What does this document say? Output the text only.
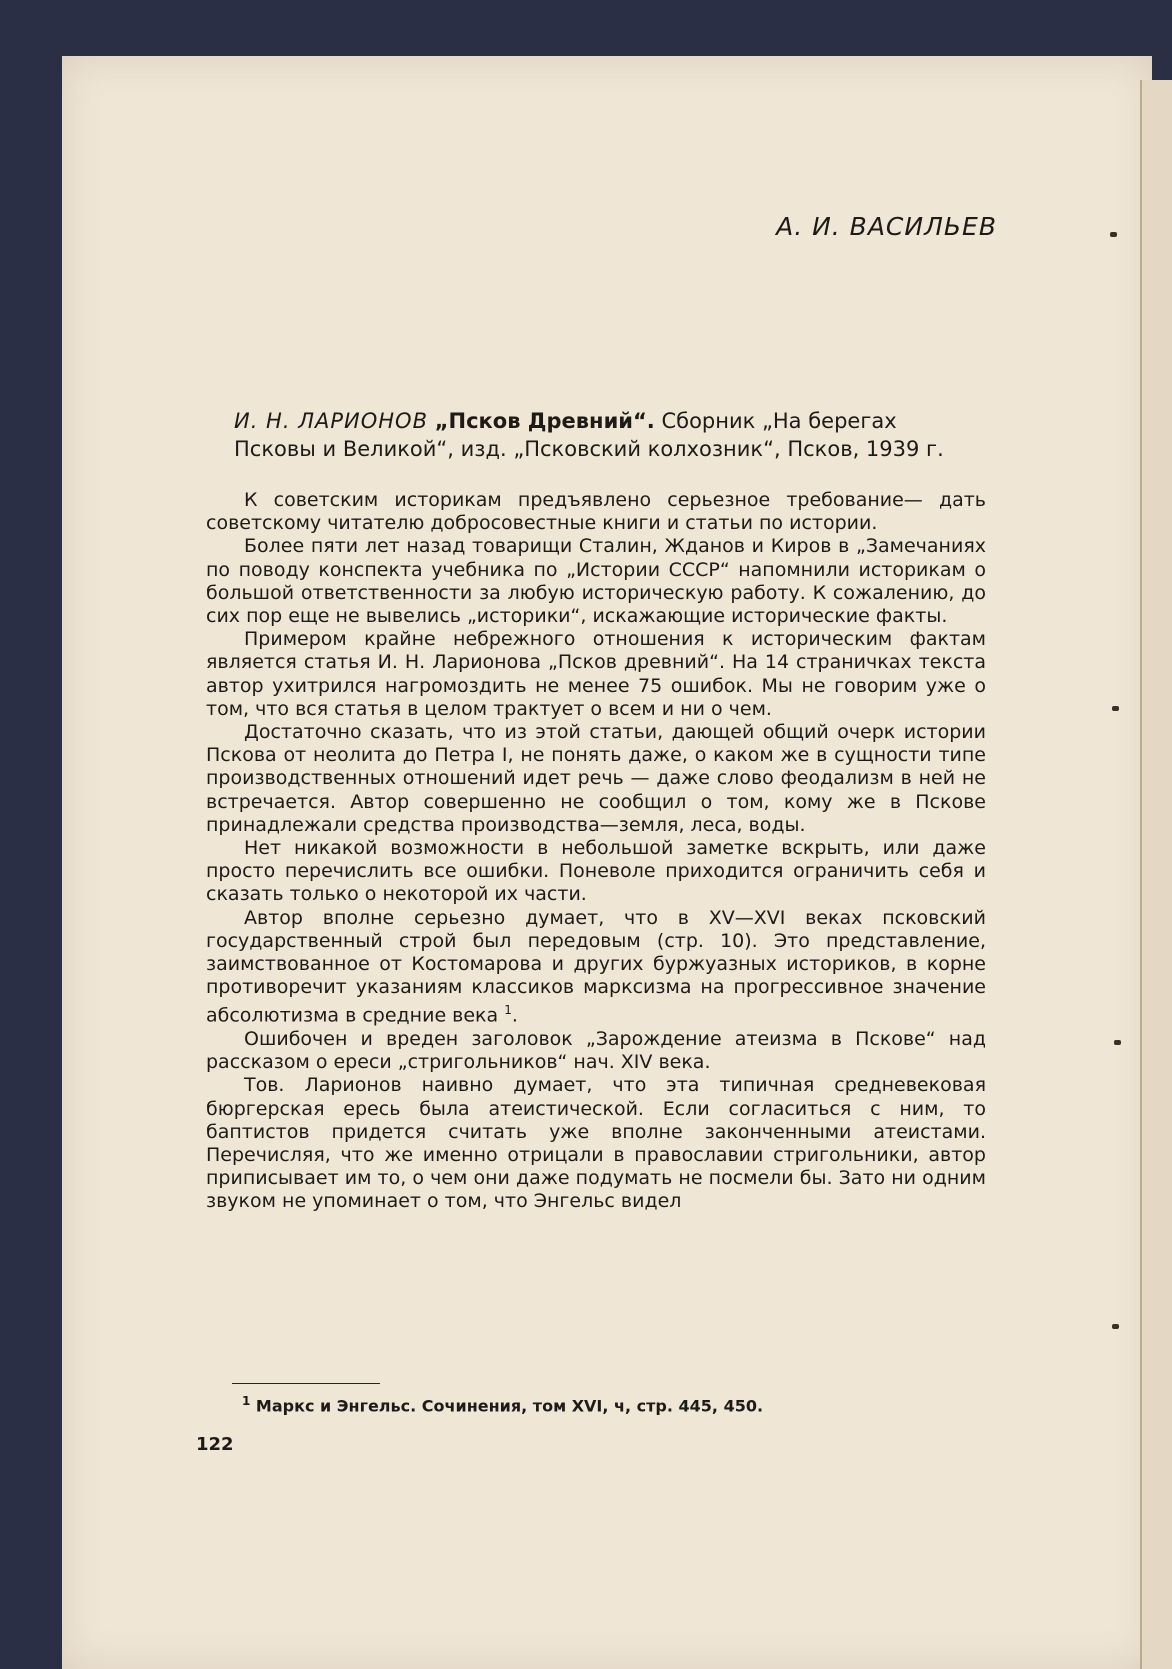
А. И. ВАСИЛЬЕВ
И. Н. ЛАРИОНОВ „Псков Древний“. Сборник „На берегах
Псковы и Великой“, изд. „Псковский колхозник“, Псков, 1939 г.

К советским историкам предъявлено серьезное требование— дать советскому читателю добросовестные книги и статьи по истории.

Более пяти лет назад товарищи Сталин, Жданов и Киров в „Замечаниях по поводу конспекта учебника по „Истории СССР“ напомнили историкам о большой ответственности за любую историческую работу. К сожалению, до сих пор еще не вывелись „историки“, искажающие исторические факты.

Примером крайне небрежного отношения к историческим фактам является статья И. Н. Ларионова „Псков древний“. На 14 страничках текста автор ухитрился нагромоздить не менее 75 ошибок. Мы не говорим уже о том, что вся статья в целом трактует о всем и ни о чем.

Достаточно сказать, что из этой статьи, дающей общий очерк истории Пскова от неолита до Петра I, не понять даже, о каком же в сущности типе производственных отношений идет речь — даже слово феодализм в ней не встречается. Автор совершенно не сообщил о том, кому же в Пскове принадлежали средства производства—земля, леса, воды.

Нет никакой возможности в небольшой заметке вскрыть, или даже просто перечислить все ошибки. Поневоле приходится ограничить себя и сказать только о некоторой их части.

Автор вполне серьезно думает, что в XV—XVI веках псковский государственный строй был передовым (стр. 10). Это представление, заимствованное от Костомарова и других буржуазных историков, в корне противоречит указаниям классиков марксизма на прогрессивное значение абсолютизма в средние века $^1$.

Ошибочен и вреден заголовок „Зарождение атеизма в Пскове“ над рассказом о ереси „стригольников“ нач. XIV века.

Тов. Ларионов наивно думает, что эта типичная средневековая бюргерская ересь была атеистической. Если согласиться с ним, то баптистов придется считать уже вполне законченными атеистами. Перечисляя, что же именно отрицали в православии стригольники, автор приписывает им то, о чем они даже подумать не посмели бы. Зато ни одним звуком не упоминает о том, что Энгельс видел

$^1$ Маркс и Энгельс. Сочинения, том XVI, ч, стр. 445, 450.
122
